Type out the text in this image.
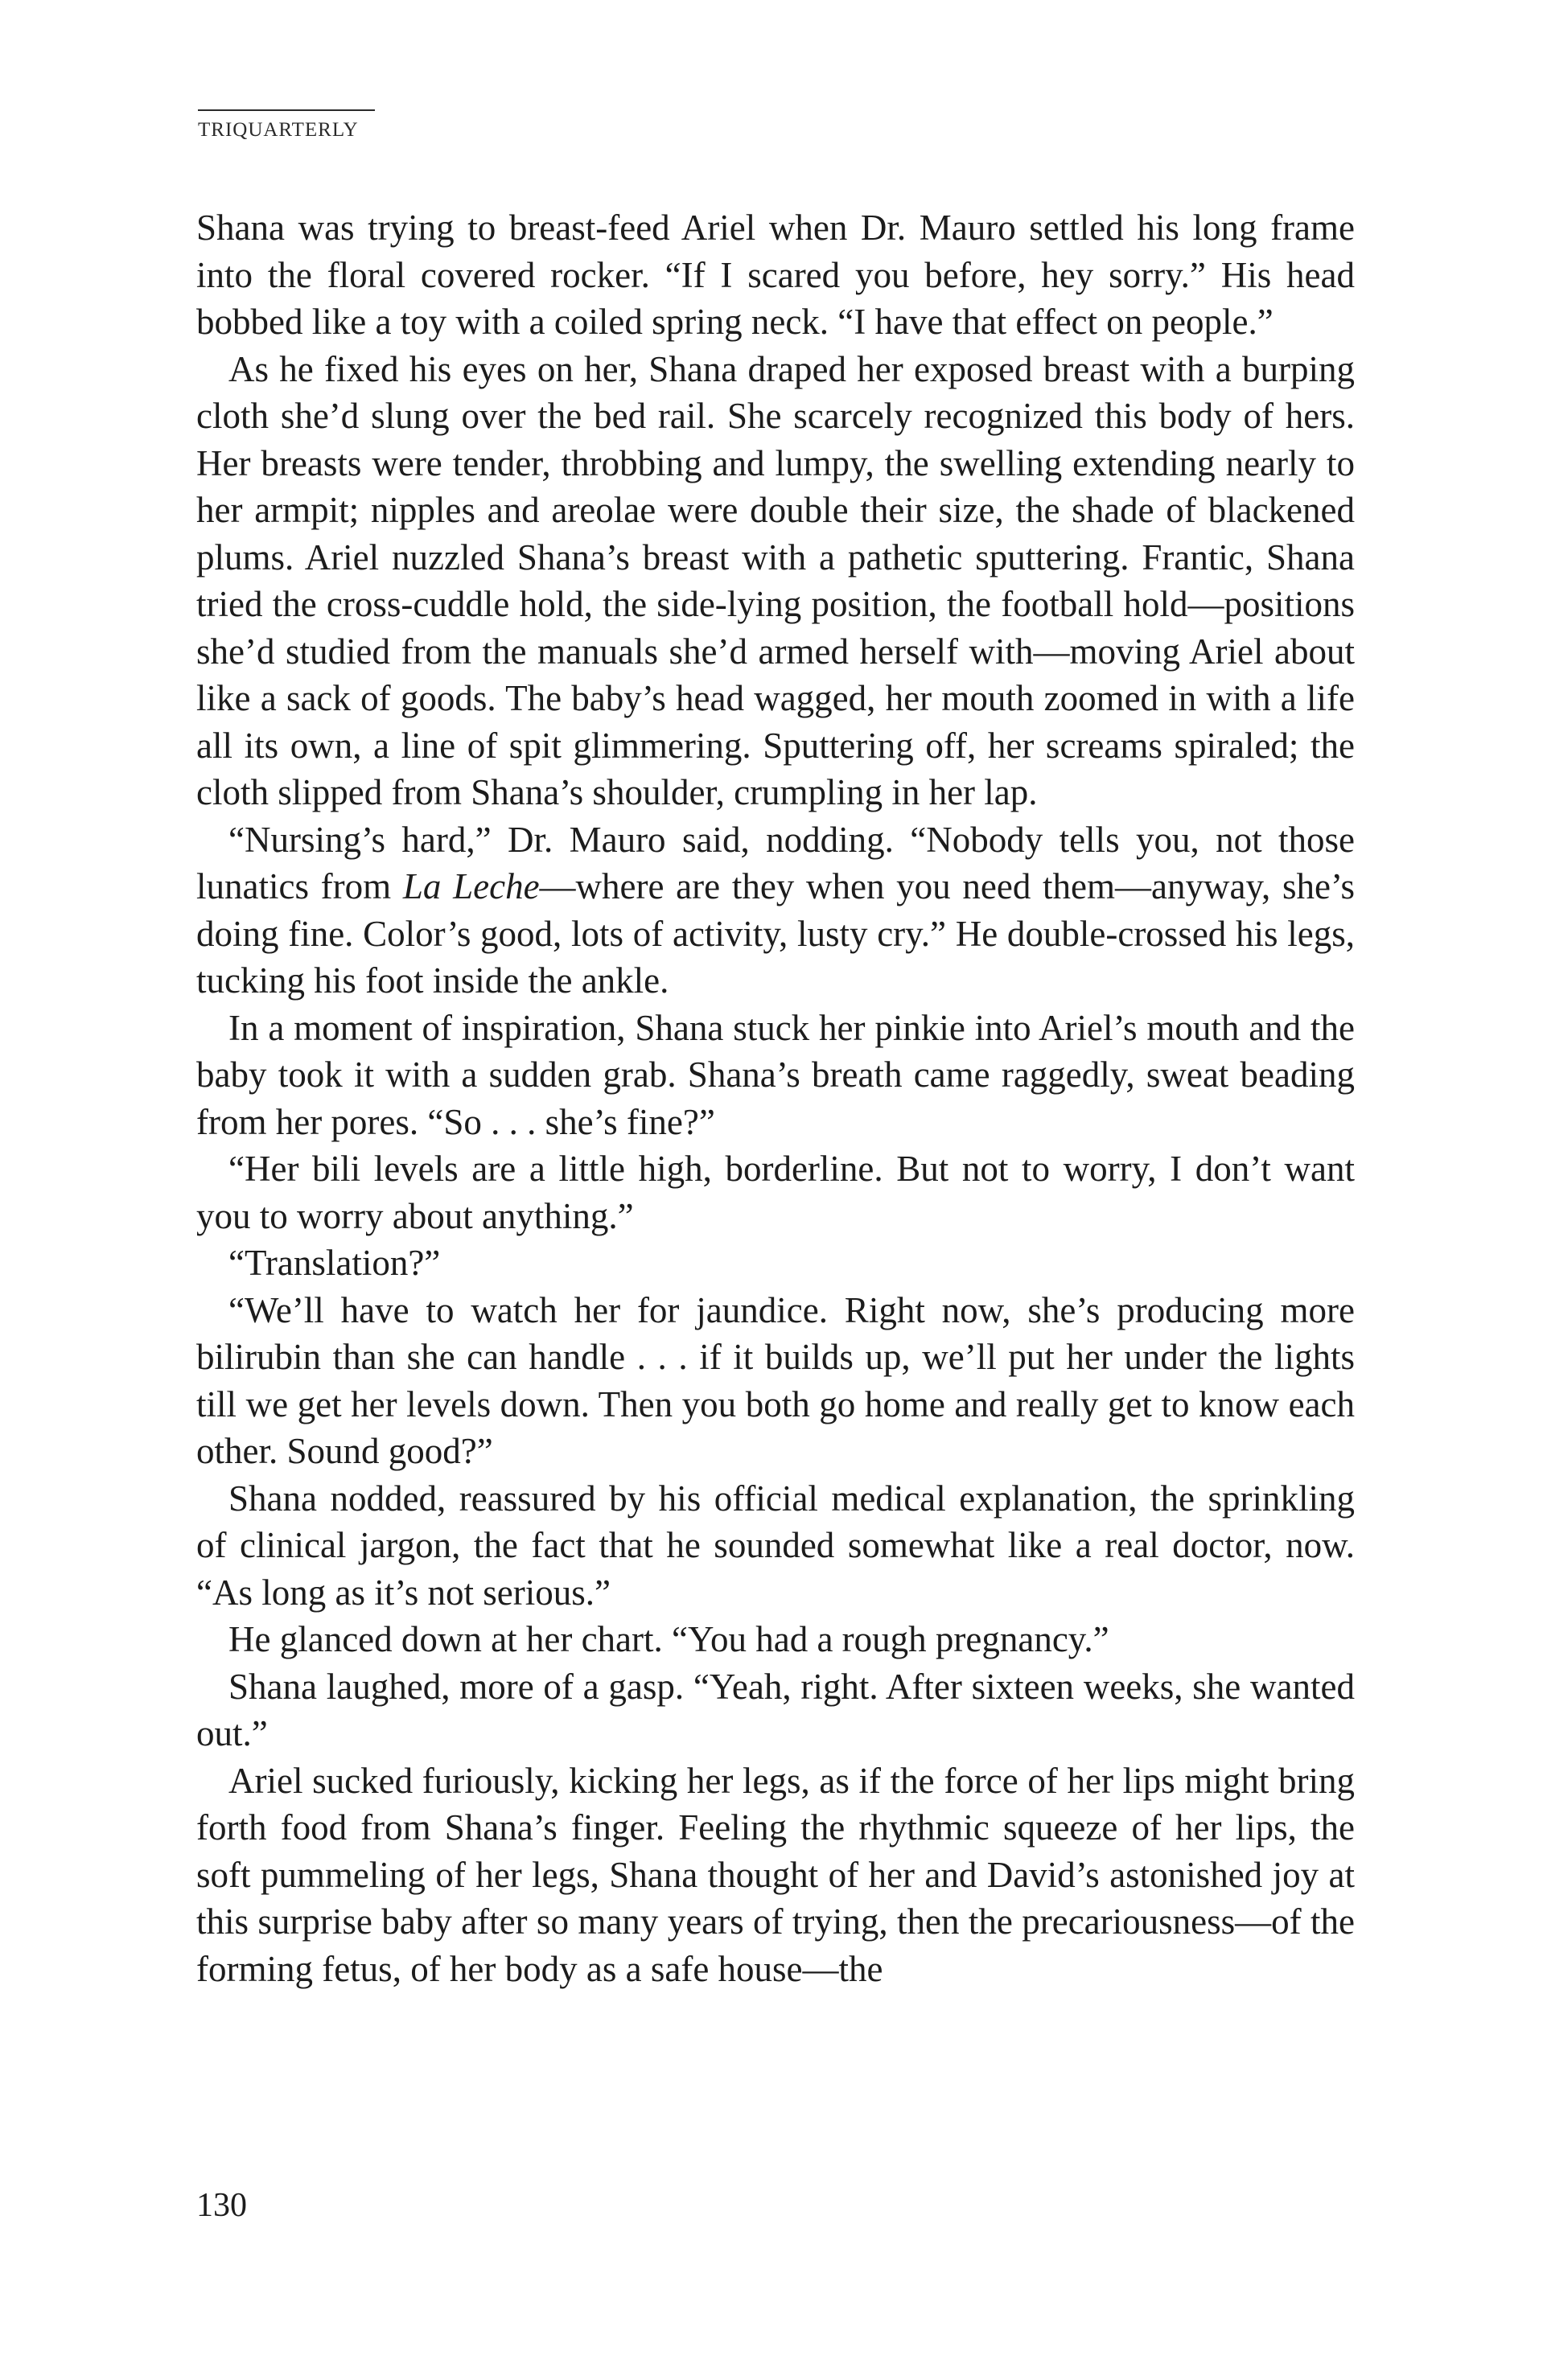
TRIQUARTERLY

Shana was trying to breast-feed Ariel when Dr. Mauro settled his long frame into the floral covered rocker. “If I scared you before, hey sorry.” His head bobbed like a toy with a coiled spring neck. “I have that effect on people.”

As he fixed his eyes on her, Shana draped her exposed breast with a burping cloth she’d slung over the bed rail. She scarcely recognized this body of hers. Her breasts were tender, throbbing and lumpy, the swelling extending nearly to her armpit; nipples and areolae were double their size, the shade of blackened plums. Ariel nuzzled Shana’s breast with a pathetic sputtering. Frantic, Shana tried the cross-cuddle hold, the side-lying position, the football hold—positions she’d studied from the manuals she’d armed herself with—moving Ariel about like a sack of goods. The baby’s head wagged, her mouth zoomed in with a life all its own, a line of spit glimmering. Sputtering off, her screams spiraled; the cloth slipped from Shana’s shoulder, crumpling in her lap.

“Nursing’s hard,” Dr. Mauro said, nodding. “Nobody tells you, not those lunatics from La Leche—where are they when you need them—anyway, she’s doing fine. Color’s good, lots of activity, lusty cry.” He double-crossed his legs, tucking his foot inside the ankle.

In a moment of inspiration, Shana stuck her pinkie into Ariel’s mouth and the baby took it with a sudden grab. Shana’s breath came raggedly, sweat beading from her pores. “So . . . she’s fine?”

“Her bili levels are a little high, borderline. But not to worry, I don’t want you to worry about anything.”

“Translation?”

“We’ll have to watch her for jaundice. Right now, she’s producing more bilirubin than she can handle . . . if it builds up, we’ll put her under the lights till we get her levels down. Then you both go home and really get to know each other. Sound good?”

Shana nodded, reassured by his official medical explanation, the sprinkling of clinical jargon, the fact that he sounded somewhat like a real doctor, now. “As long as it’s not serious.”

He glanced down at her chart. “You had a rough pregnancy.”

Shana laughed, more of a gasp. “Yeah, right. After sixteen weeks, she wanted out.”

Ariel sucked furiously, kicking her legs, as if the force of her lips might bring forth food from Shana’s finger. Feeling the rhythmic squeeze of her lips, the soft pummeling of her legs, Shana thought of her and David’s astonished joy at this surprise baby after so many years of trying, then the precariousness—of the forming fetus, of her body as a safe house—the

130
